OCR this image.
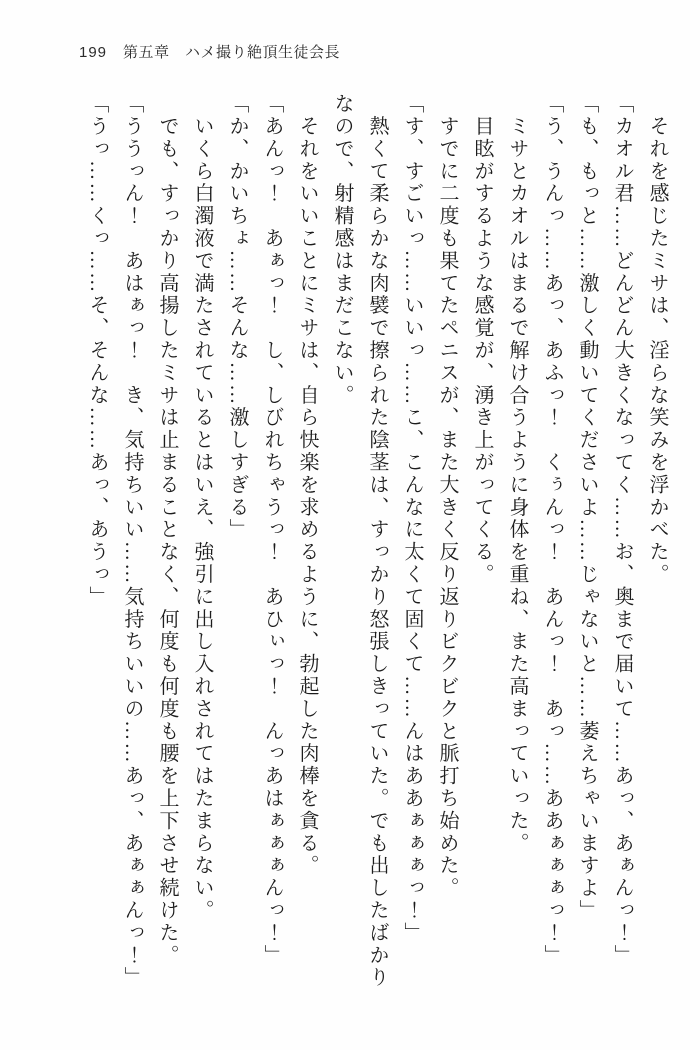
199 第五章　ハメ撮り絶頂生徒会長

　それを感じたミサは、淫らな笑みを浮かべた。

「カオル君……どんどん大きくなってく……お、奥まで届いて……あっ、あぁんっ！」

「も、もっと……激しく動いてくださいよ……じゃないと……萎えちゃいますよ」

「う、うんっ……あっ、あふっ！　くぅんっ！　あんっ！　あっ……ああぁぁぁっ！」

　ミサとカオルはまるで解け合うように身体を重ね、また高まっていった。

　目眩がするような感覚が、湧き上がってくる。

　すでに二度も果てたペニスが、また大きく反り返りビクビクと脈打ち始めた。

「す、すごいっ……いいっ……こ、こんなに太くて固くて……んはああぁぁぁっ！」

　熱くて柔らかな肉襞で擦られた陰茎は、すっかり怒張しきっていた。でも出したばかり

なので、射精感はまだこない。

　それをいいことにミサは、自ら快楽を求めるように、勃起した肉棒を貪る。

「あんっ！　あぁっ！　し、しびれちゃうっ！　あひぃっ！　んっあはぁぁぁんっ！」

「か、かいちょ……そんな……激しすぎる」

　いくら白濁液で満たされているとはいえ、強引に出し入れされてはたまらない。

　でも、すっかり高揚したミサは止まることなく、何度も何度も腰を上下させ続けた。

「ううっん！　あはぁっ！　き、気持ちいい……気持ちいいの……あっ、あぁぁんっ！」

「うっ……くっ……そ、そんな……あっ、あうっ」
